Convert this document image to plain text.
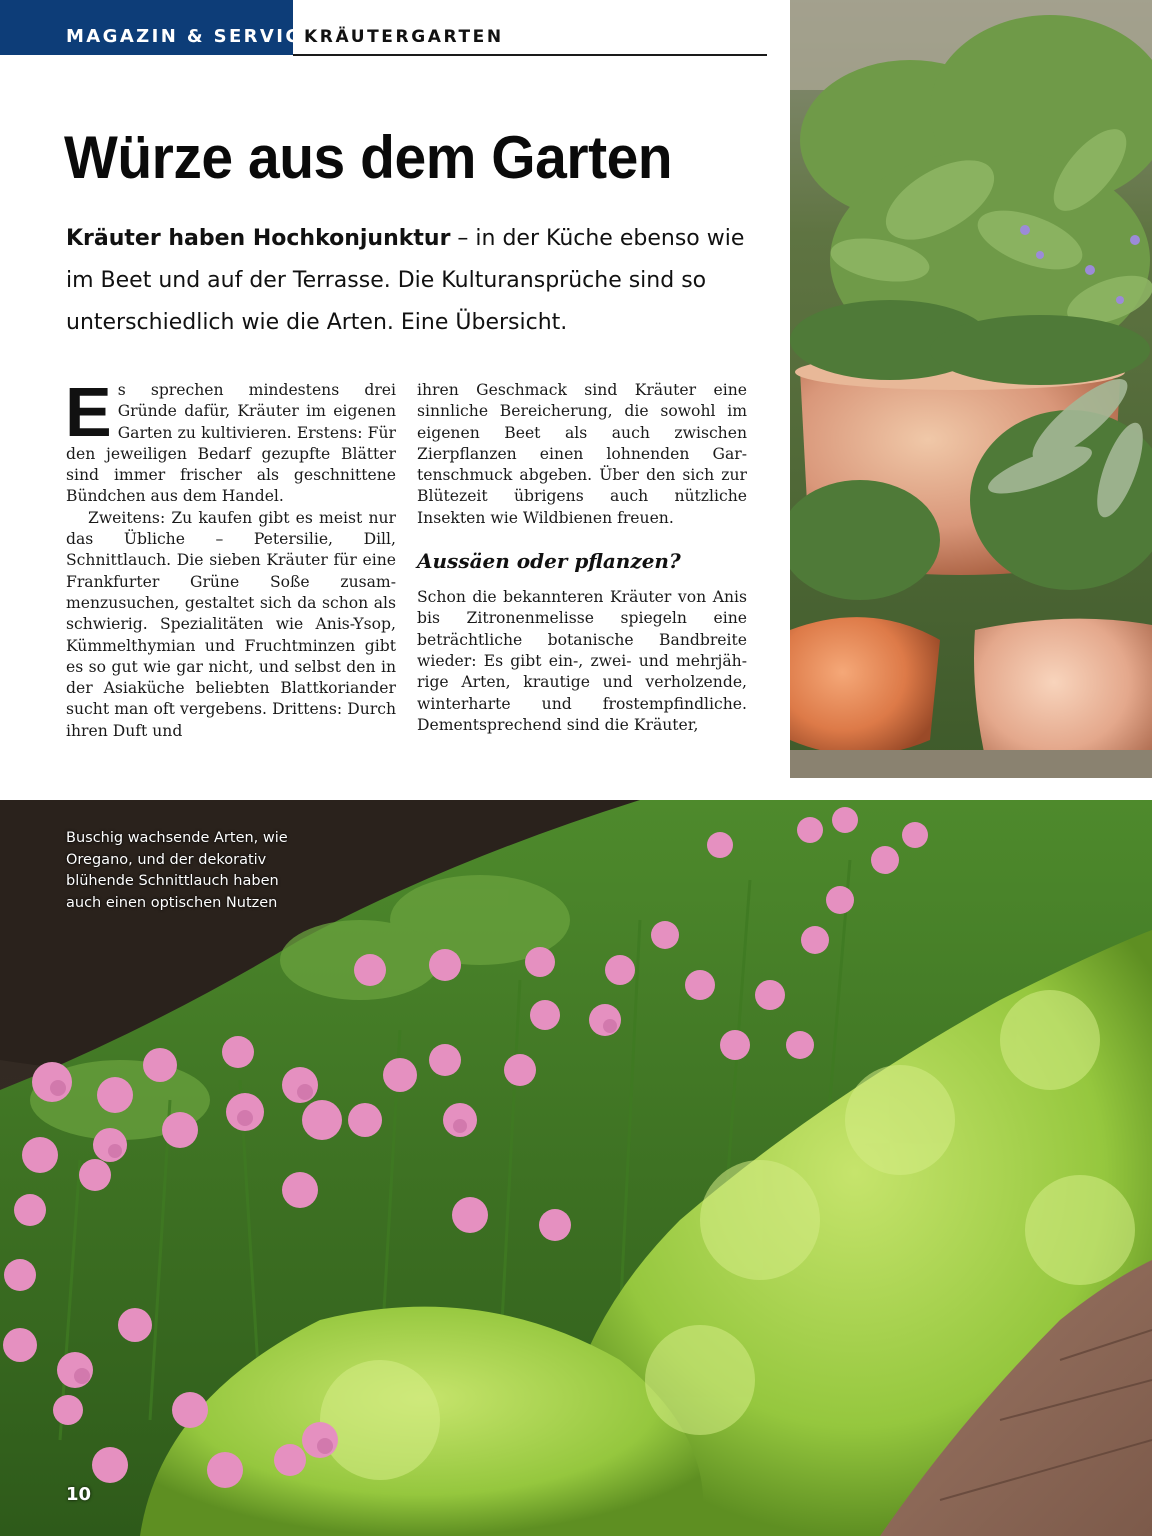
MAGAZIN & SERVICE
KRÄUTERGARTEN
Würze aus dem Garten

Kräuter haben Hochkonjunktur – in der Küche ebenso wie im Beet und auf der Terrasse. Die Kulturansprüche sind so unterschiedlich wie die Arten. Eine Übersicht.

Es sprechen mindestens drei Gründe dafür, Kräuter im eigenen Garten zu kultivieren. Erstens: Für den jeweiligen Bedarf gezupfte Blätter sind immer frischer als geschnittene Bündchen aus dem Handel.

Zweitens: Zu kaufen gibt es meist nur das Übliche – Petersilie, Dill, Schnittlauch. Die sieben Kräuter für eine Frankfurter Grüne Soße zusammenzusuchen, gestaltet sich da schon als schwierig. Spezialitäten wie Anis-Ysop, Kümmelthymian und Fruchtminzen gibt es so gut wie gar nicht, und selbst den in der Asiaküche beliebten Blattkoriander sucht man oft vergebens. Drittens: Durch ihren Duft und

ihren Geschmack sind Kräuter eine sinnliche Bereicherung, die sowohl im eigenen Beet als auch zwischen Zierpflanzen einen lohnenden Gartenschmuck abgeben. Über den sich zur Blütezeit übrigens auch nützliche Insekten wie Wildbienen freuen.

Aussäen oder pflanzen?

Schon die bekannteren Kräuter von Anis bis Zitronenmelisse spiegeln eine beträchtliche botanische Bandbreite wieder: Es gibt ein-, zwei- und mehrjährige Arten, krautige und verholzende, winterharte und frostempfindliche. Dementsprechend sind die Kräuter,

Buschig wachsende Arten, wie Oregano, und der dekorativ blühende Schnittlauch haben auch einen optischen Nutzen
10
